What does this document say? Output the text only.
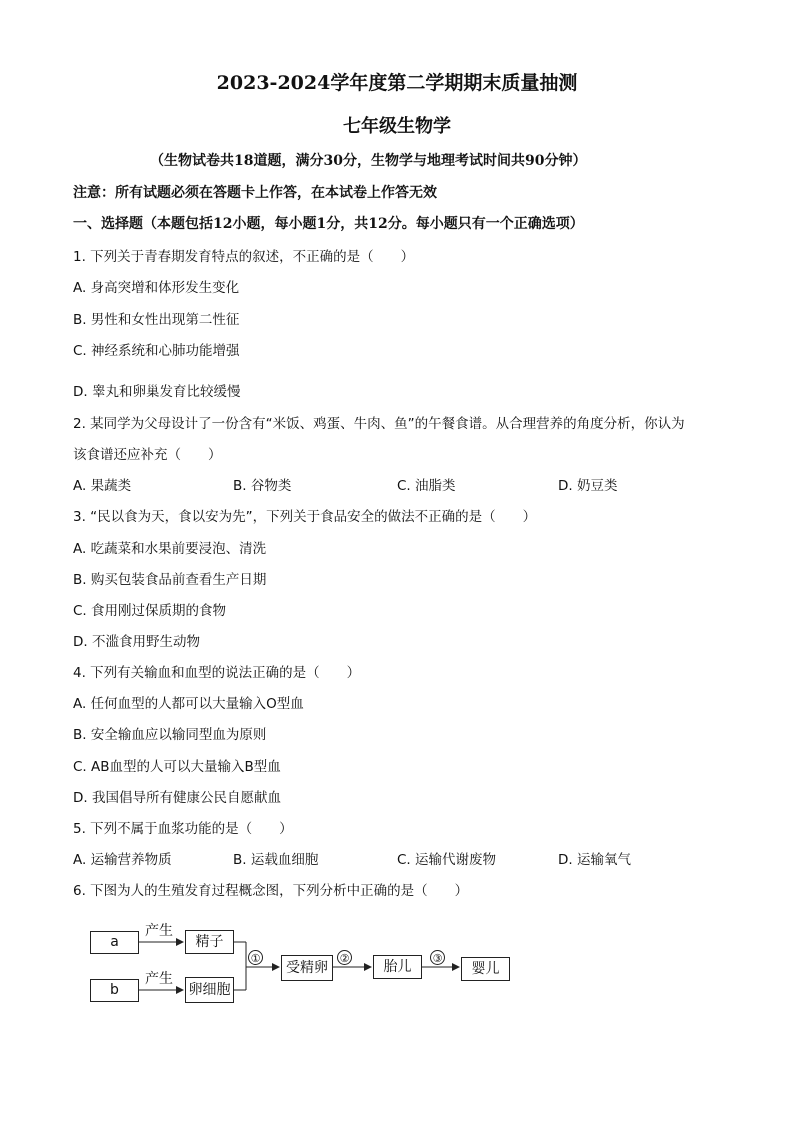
2023-2024学年度第二学期期末质量抽测
七年级生物学
（生物试卷共18道题，满分30分，生物学与地理考试时间共90分钟）
注意：所有试题必须在答题卡上作答，在本试卷上作答无效
一、选择题（本题包括12小题，每小题1分，共12分。每小题只有一个正确选项）
1. 下列关于青春期发育特点的叙述，不正确的是（　　）
A. 身高突增和体形发生变化
B. 男性和女性出现第二性征
C. 神经系统和心肺功能增强
D. 睾丸和卵巢发育比较缓慢
2. 某同学为父母设计了一份含有“米饭、鸡蛋、牛肉、鱼”的午餐食谱。从合理营养的角度分析，你认为
该食谱还应补充（　　）
A. 果蔬类	B. 谷物类	C. 油脂类	D. 奶豆类
3. “民以食为天，食以安为先”，下列关于食品安全的做法不正确的是（　　）
A. 吃蔬菜和水果前要浸泡、清洗
B. 购买包装食品前查看生产日期
C. 食用刚过保质期的食物
D. 不滥食用野生动物
4. 下列有关输血和血型的说法正确的是（　　）
A. 任何血型的人都可以大量输入O型血
B. 安全输血应以输同型血为原则
C. AB血型的人可以大量输入B型血
D. 我国倡导所有健康公民自愿献血
5. 下列不属于血浆功能的是（　　）
A. 运输营养物质	B. 运载血细胞	C. 运输代谢废物	D. 运输氧气
6. 下图为人的生殖发育过程概念图，下列分析中正确的是（　　）
a
b
产生
产生
精子
卵细胞
①
受精卵
②
胎儿
③
婴儿
